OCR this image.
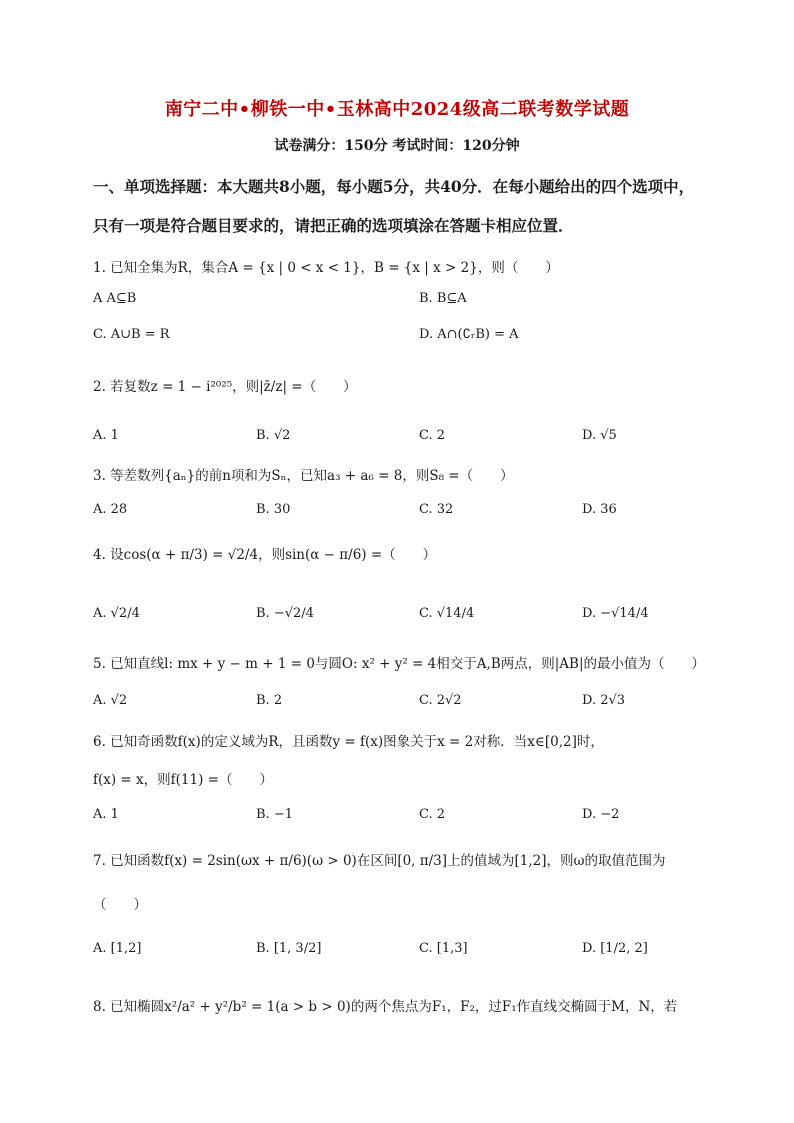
南宁二中•柳铁一中•玉林高中2024级高二联考数学试题
试卷满分：150分 考试时间：120分钟
一、单项选择题：本大题共8小题，每小题5分，共40分．在每小题给出的四个选项中，只有一项是符合题目要求的，请把正确的选项填涂在答题卡相应位置．
1. 已知全集为R，集合A = {x | 0 < x < 1}，B = {x | x > 2}，则（　　）
A A⊆B	B. B⊆A
C. A∪B = R	D. A∩(∁ᵣB) = A
2. 若复数z = 1 − i²⁰²⁵，则|z̄/z| =（　　）
A. 1	B. √2	C. 2	D. √5
3. 等差数列{aₙ}的前n项和为Sₙ，已知a₃ + a₆ = 8，则S₈ =（　　）
A. 28	B. 30	C. 32	D. 36
4. 设cos(α + π/3) = √2/4，则sin(α − π/6) =（　　）
A. √2/4	B. −√2/4	C. √14/4	D. −√14/4
5. 已知直线l: mx + y − m + 1 = 0与圆O: x² + y² = 4相交于A,B两点，则|AB|的最小值为（　　）
A. √2	B. 2	C. 2√2	D. 2√3
6. 已知奇函数f(x)的定义域为R，且函数y = f(x)图象关于x = 2对称．当x∈[0,2]时，
f(x) = x，则f(11) =（　　）
A. 1	B. −1	C. 2	D. −2
7. 已知函数f(x) = 2sin(ωx + π/6)(ω > 0)在区间[0, π/3]上的值域为[1,2]，则ω的取值范围为
（　　）
A. [1,2]	B. [1, 3/2]	C. [1,3]	D. [1/2, 2]
8. 已知椭圆x²/a² + y²/b² = 1(a > b > 0)的两个焦点为F₁，F₂，过F₁作直线交椭圆于M，N，若
